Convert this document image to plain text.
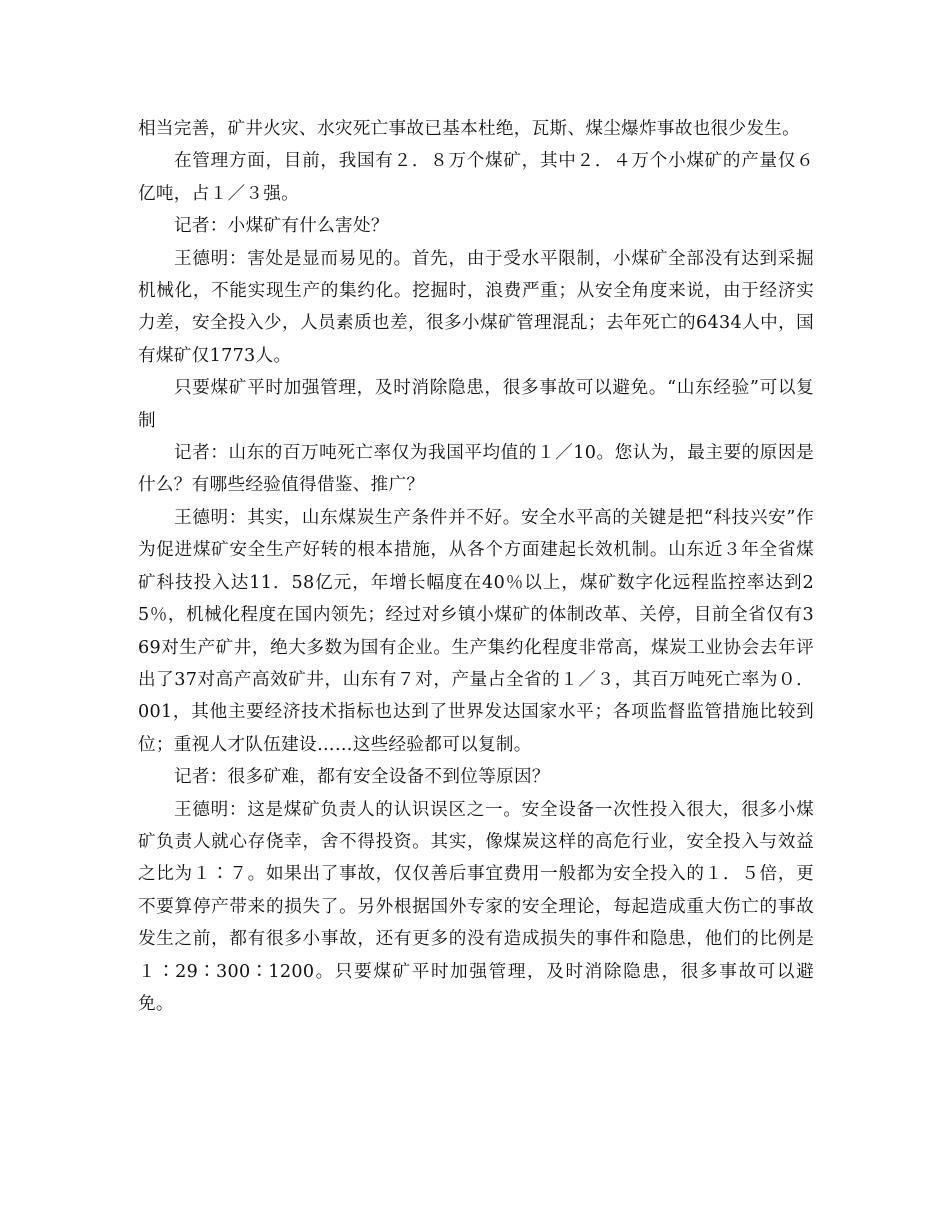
相当完善，矿井火灾、水灾死亡事故已基本杜绝，瓦斯、煤尘爆炸事故也很少发生。

在管理方面，目前，我国有２．８万个煤矿，其中２．４万个小煤矿的产量仅６亿吨，占１／３强。

记者：小煤矿有什么害处？

王德明：害处是显而易见的。首先，由于受水平限制，小煤矿全部没有达到采掘机械化，不能实现生产的集约化。挖掘时，浪费严重；从安全角度来说，由于经济实力差，安全投入少，人员素质也差，很多小煤矿管理混乱；去年死亡的6434人中，国有煤矿仅1773人。

只要煤矿平时加强管理，及时消除隐患，很多事故可以避免。“山东经验”可以复制

记者：山东的百万吨死亡率仅为我国平均值的１／10。您认为，最主要的原因是什么？有哪些经验值得借鉴、推广？

王德明：其实，山东煤炭生产条件并不好。安全水平高的关键是把“科技兴安”作为促进煤矿安全生产好转的根本措施，从各个方面建起长效机制。山东近３年全省煤矿科技投入达11．58亿元，年增长幅度在40％以上，煤矿数字化远程监控率达到25％，机械化程度在国内领先；经过对乡镇小煤矿的体制改革、关停，目前全省仅有369对生产矿井，绝大多数为国有企业。生产集约化程度非常高，煤炭工业协会去年评出了37对高产高效矿井，山东有７对，产量占全省的１／３，其百万吨死亡率为０．001，其他主要经济技术指标也达到了世界发达国家水平；各项监督监管措施比较到位；重视人才队伍建设……这些经验都可以复制。

记者：很多矿难，都有安全设备不到位等原因？

王德明：这是煤矿负责人的认识误区之一。安全设备一次性投入很大，很多小煤矿负责人就心存侥幸，舍不得投资。其实，像煤炭这样的高危行业，安全投入与效益之比为１∶７。如果出了事故，仅仅善后事宜费用一般都为安全投入的１．５倍，更不要算停产带来的损失了。另外根据国外专家的安全理论，每起造成重大伤亡的事故发生之前，都有很多小事故，还有更多的没有造成损失的事件和隐患，他们的比例是１∶29∶300∶1200。只要煤矿平时加强管理，及时消除隐患，很多事故可以避免。
